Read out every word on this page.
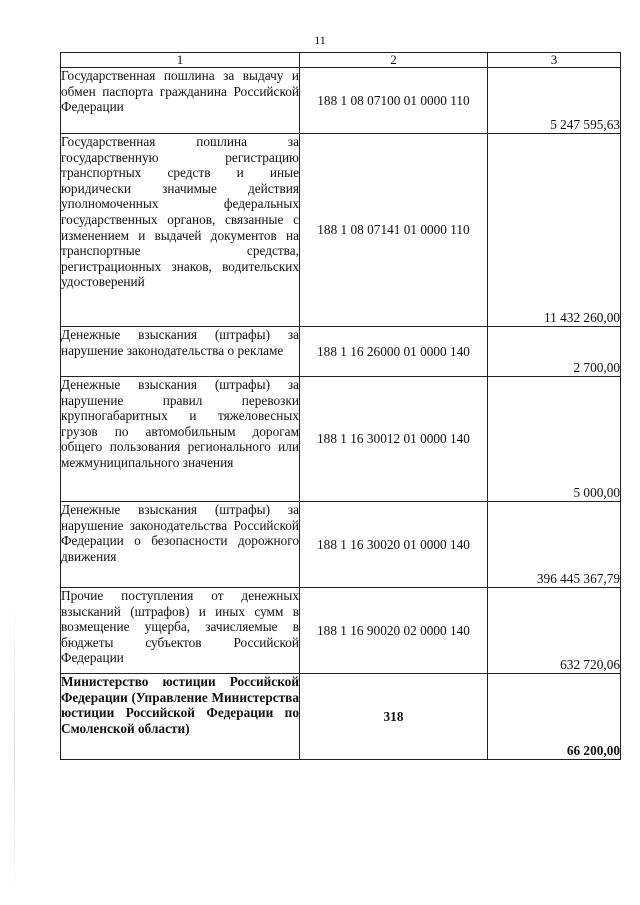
11
1	2	3
Государственная пошлина за выдачу и обмен паспорта гражданина Российской Федерации	188 1 08 07100 01 0000 110	5 247 595,63
Государственная пошлина за государственную регистрацию транспортных средств и иные юридически значимые действия уполномоченных федеральных государственных органов, связанные с изменением и выдачей документов на транспортные средства, регистрационных знаков, водительских удостоверений	188 1 08 07141 01 0000 110	11 432 260,00
Денежные взыскания (штрафы) за нарушение законодательства о рекламе	188 1 16 26000 01 0000 140	2 700,00
Денежные взыскания (штрафы) за нарушение правил перевозки крупногабаритных и тяжеловесных грузов по автомобильным дорогам общего пользования регионального или межмуниципального значения	188 1 16 30012 01 0000 140	5 000,00
Денежные взыскания (штрафы) за нарушение законодательства Российской Федерации о безопасности дорожного движения	188 1 16 30020 01 0000 140	396 445 367,79
Прочие поступления от денежных взысканий (штрафов) и иных сумм в возмещение ущерба, зачисляемые в бюджеты субъектов Российской Федерации	188 1 16 90020 02 0000 140	632 720,06
Министерство юстиции Российской Федерации (Управление Министерства юстиции Российской Федерации по Смоленской области)	318	66 200,00
